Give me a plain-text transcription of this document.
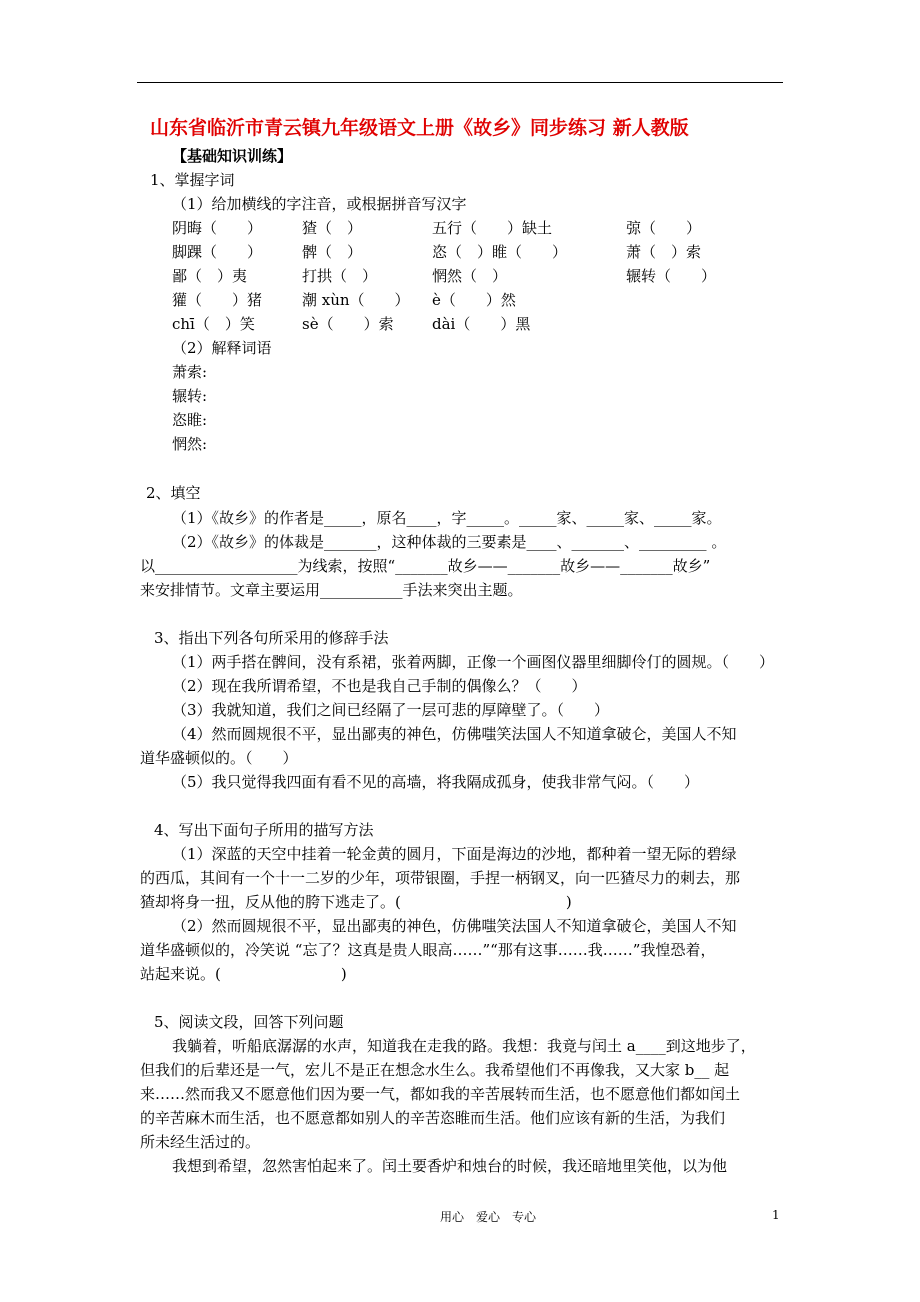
山东省临沂市青云镇九年级语文上册《故乡》同步练习 新人教版
【基础知识训练】
1、掌握字词
（1）给加横线的字注音，或根据拼音写汉字
阴晦（　　）	猹（　）	五行（　　）缺土	弶（　　）
脚踝（　　）	髀（　）	恣（　）睢（　　）	萧（　）索
鄙（　）夷	打拱（　）	惘然（　）	辗转（　　）
獾（　　）猪	潮 xùn（　　） è（　　）然
chī（　）笑	sè（　　）索	dài（　　）黑
（2）解释词语
萧索:
辗转:
恣睢:
惘然:
2、填空
（1）《故乡》的作者是_____，原名____，字_____。_____家、_____家、_____家。
（2）《故乡》的体裁是_______，这种体裁的三要素是____、_______、_________ 。
以___________________为线索，按照“_______故乡——_______故乡——_______故乡”
来安排情节。文章主要运用___________手法来突出主题。
3、指出下列各句所采用的修辞手法
（1）两手搭在髀间，没有系裙，张着两脚，正像一个画图仪器里细脚伶仃的圆规。（　　）
（2）现在我所谓希望，不也是我自己手制的偶像么？（　　）
（3）我就知道，我们之间已经隔了一层可悲的厚障壁了。（　　）
（4）然而圆规很不平，显出鄙夷的神色，仿佛嗤笑法国人不知道拿破仑，美国人不知
道华盛顿似的。（　　）
（5）我只觉得我四面有看不见的高墙，将我隔成孤身，使我非常气闷。（　　）
4、写出下面句子所用的描写方法
（1）深蓝的天空中挂着一轮金黄的圆月，下面是海边的沙地，都种着一望无际的碧绿
的西瓜，其间有一个十一二岁的少年，项带银圈，手捏一柄钢叉，向一匹猹尽力的刺去，那
猹却将身一扭，反从他的胯下逃走了。(　　　　　　　　　　　)
（2）然而圆规很不平，显出鄙夷的神色，仿佛嗤笑法国人不知道拿破仑，美国人不知
道华盛顿似的，冷笑说 “忘了？这真是贵人眼高……”“那有这事……我……”我惶恐着，
站起来说。(　　　　　　　　)
5、阅读文段，回答下列问题
我躺着，听船底潺潺的水声，知道我在走我的路。我想：我竟与闰土 a____到这地步了，
但我们的后辈还是一气，宏儿不是正在想念水生么。我希望他们不再像我，又大家 b__ 起
来……然而我又不愿意他们因为要一气，都如我的辛苦展转而生活，也不愿意他们都如闰土
的辛苦麻木而生活，也不愿意都如别人的辛苦恣睢而生活。他们应该有新的生活，为我们
所未经生活过的。
我想到希望，忽然害怕起来了。闰土要香炉和烛台的时候，我还暗地里笑他，以为他
用心　爱心　专心	1
